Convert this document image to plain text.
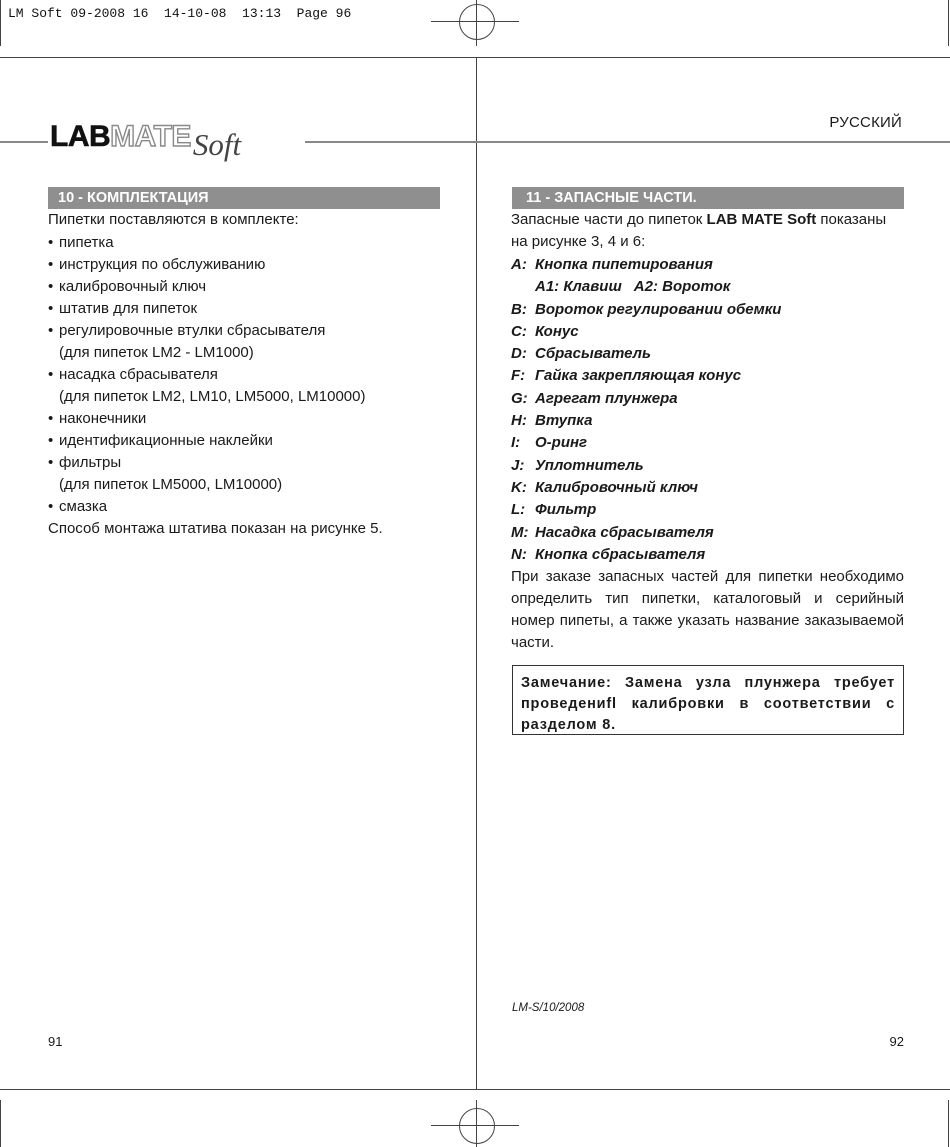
LM Soft 09-2008 16  14-10-08  13:13  Page 96
LAB MATE Soft
РУССКИЙ
10 - КОМПЛЕКТАЦИЯ
Пипетки поставляются в комплекте:
• пипетка
• инструкция по обслуживанию
• калибровочный ключ
• штатив для пипеток
• регулировочные втулки сбрасывателя
(для пипеток LM2 - LM1000)
• насадка сбрасывателя
(для пипеток LM2, LM10, LM5000, LM10000)
• наконечники
• идентификационные наклейки
• фильтры
(для пипеток LM5000, LM10000)
• смазка
Способ монтажа штатива показан на рисунке 5.
91
11 - ЗАПАСНЫЕ ЧАСТИ.
Запасные части до пипеток LAB MATE Soft показаны на рисунке 3, 4 и 6:
A: Кнопка пипетирования
A1: Клавиш A2: Вороток
B: Вороток регулировании обемки
C: Конус
D: Сбрасыватель
F: Гайка закрепляющая конус
G: Агрегат плунжера
H: Втупка
I: О-ринг
J: Уплотнитель
K: Калибровочный ключ
L: Фильтр
M: Насадка сбрасывателя
N: Кнопка сбрасывателя
При заказе запасных частей для пипетки необходимо определить тип пипетки, каталоговый и серийный номер пипеты, а также указать название заказываемой части.
Замечание: Замена узла плунжера требует проведениfl калибровки в соответствии с разделом 8.
LM-S/10/2008
92
